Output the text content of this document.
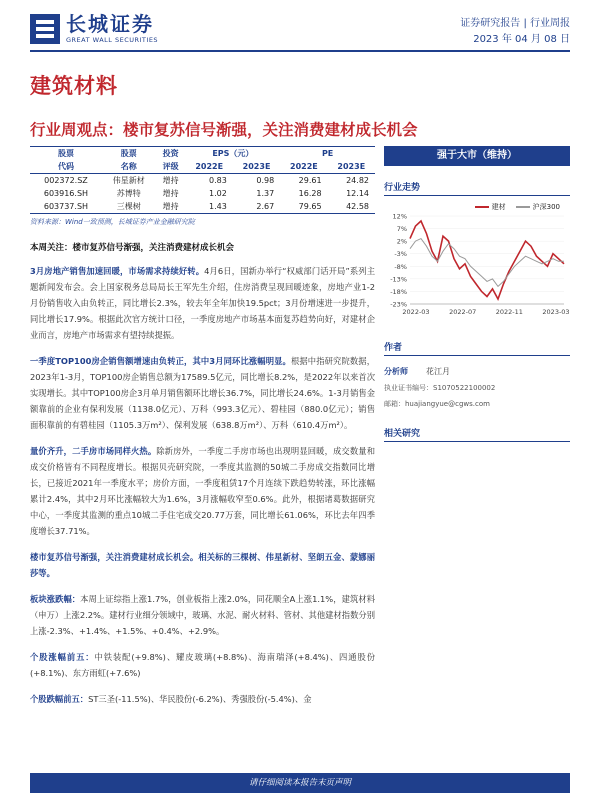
长城证券
GREAT WALL SECURITIES
证券研究报告 | 行业周报
2023 年 04 月 08 日
建筑材料
行业周观点：楼市复苏信号渐强，关注消费建材成长机会
股票	股票	投资	EPS（元）		PE	
代码	名称	评级	2022E	2023E	2022E	2023E
002372.SZ	伟星新材	增持	0.83	0.98	29.61	24.82
603916.SH	苏博特	增持	1.02	1.37	16.28	12.14
603737.SH	三棵树	增持	1.43	2.67	79.65	42.58
资料来源：Wind一致预测，长城证券产业金融研究院
本周关注：楼市复苏信号渐强，关注消费建材成长机会
3月房地产销售加速回暖，市场需求持续好转。4月6日，国新办举行“权威部门话开局”系列主题新闻发布会。会上国家税务总局局长王军先生介绍，住房消费呈现回暖迹象，房地产业1-2月份销售收入由负转正，同比增长2.3%，较去年全年加快19.5pct；3月份增速进一步提升，同比增长17.9%。根据此次官方统计口径，一季度房地产市场基本面复苏趋势向好，对建材企业而言，房地产市场需求有望持续提振。
一季度TOP100房企销售额增速由负转正，其中3月同环比涨幅明显。根据中指研究院数据，2023年1-3月，TOP100房企销售总额为17589.5亿元，同比增长8.2%，是2022年以来首次实现增长。其中TOP100房企3月单月销售额环比增长36.7%，同比增长24.6%。1-3月销售金额靠前的企业有保利发展（1138.0亿元）、万科（993.3亿元）、碧桂园（880.0亿元）；销售面积靠前的有碧桂园（1105.3万m²）、保利发展（638.8万m²）、万科（610.4万m²）。
量价齐升，二手房市场同样火热。除新房外，一季度二手房市场也出现明显回暖，成交数量和成交价格皆有不同程度增长。根据贝壳研究院，一季度其监测的50城二手房成交指数同比增长，已接近2021年一季度水平；房价方面，一季度租赁17个月连续下跌趋势转涨，环比涨幅累计2.4%，其中2月环比涨幅较大为1.6%，3月涨幅收窄至0.6%。此外，根据诸葛数据研究中心，一季度其监测的重点10城二手住宅成交20.77万套，同比增长61.06%，环比去年四季度增长37.71%。
楼市复苏信号渐强，关注消费建材成长机会。相关标的三棵树、伟星新材、坚朗五金、蒙娜丽莎等。
板块涨跌幅：本周上证综指上涨1.7%，创业板指上涨2.0%，同花顺全A上涨1.1%，建筑材料（申万）上涨2.2%。建材行业细分领域中，玻璃、水泥、耐火材料、管材、其他建材指数分别上涨-2.3%、+1.4%、+1.5%、+0.4%、+2.9%。
个股涨幅前五：中铁装配(+9.8%)、耀皮玻璃(+8.8%)、海南瑞泽(+8.4%)、四通股份(+8.1%)、东方雨虹(+7.6%)
个股跌幅前五：ST三圣(-11.5%)、华民股份(-6.2%)、秀强股份(-5.4%)、金
强于大市（维持）
行业走势
建材	沪深300
12%
7%
2%
-3%
-8%
-13%
-18%
-23%
2022-03	2022-07	2022-11	2023-03
作者
分析师 花江月
执业证书编号：S1070522100002
邮箱：huajiangyue@cgws.com
相关研究
请仔细阅读本报告末页声明
